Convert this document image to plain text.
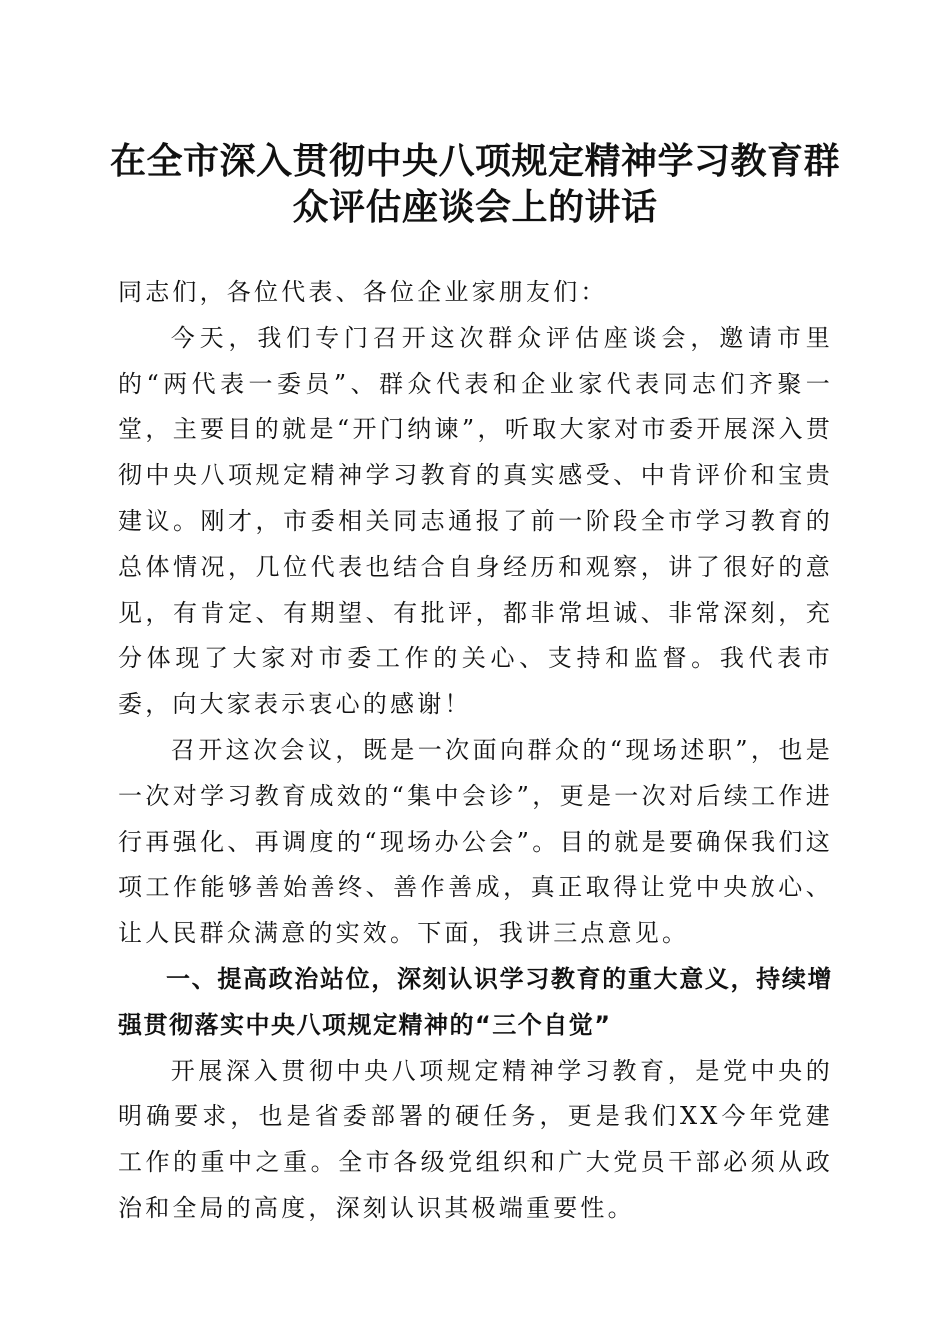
在全市深入贯彻中央八项规定精神学习教育群众评估座谈会上的讲话

同志们，各位代表、各位企业家朋友们：

今天，我们专门召开这次群众评估座谈会，邀请市里的“两代表一委员”、群众代表和企业家代表同志们齐聚一堂，主要目的就是“开门纳谏”，听取大家对市委开展深入贯彻中央八项规定精神学习教育的真实感受、中肯评价和宝贵建议。刚才，市委相关同志通报了前一阶段全市学习教育的总体情况，几位代表也结合自身经历和观察，讲了很好的意见，有肯定、有期望、有批评，都非常坦诚、非常深刻，充分体现了大家对市委工作的关心、支持和监督。我代表市委，向大家表示衷心的感谢！

召开这次会议，既是一次面向群众的“现场述职”，也是一次对学习教育成效的“集中会诊”，更是一次对后续工作进行再强化、再调度的“现场办公会”。目的就是要确保我们这项工作能够善始善终、善作善成，真正取得让党中央放心、让人民群众满意的实效。下面，我讲三点意见。

一、提高政治站位，深刻认识学习教育的重大意义，持续增强贯彻落实中央八项规定精神的“三个自觉”

开展深入贯彻中央八项规定精神学习教育，是党中央的明确要求，也是省委部署的硬任务，更是我们XX今年党建工作的重中之重。全市各级党组织和广大党员干部必须从政治和全局的高度，深刻认识其极端重要性。
